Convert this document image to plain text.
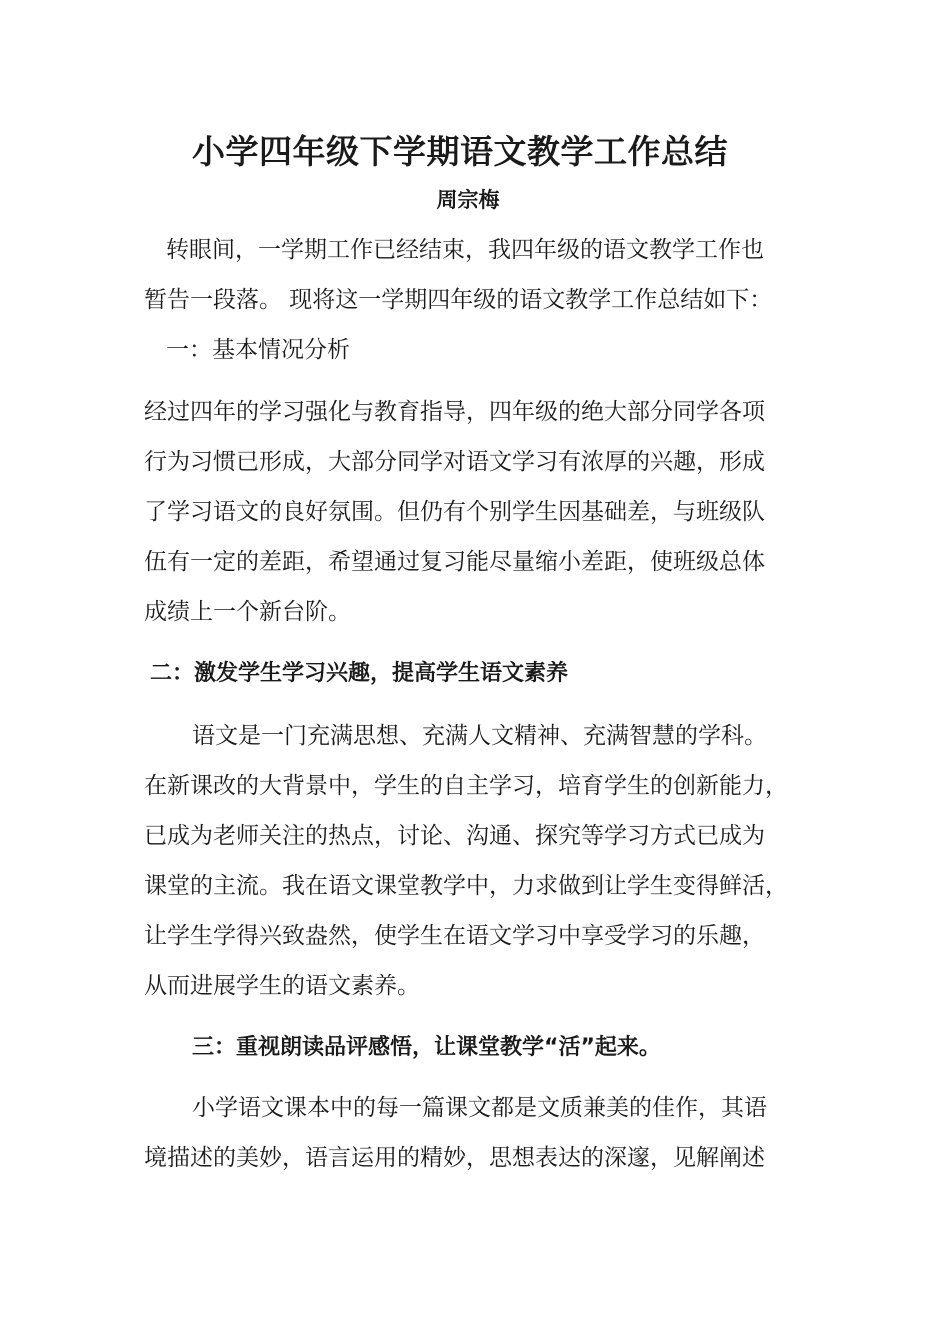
小学四年级下学期语文教学工作总结
周宗梅
转眼间，一学期工作已经结束，我四年级的语文教学工作也
暂告一段落。 现将这一学期四年级的语文教学工作总结如下：
一：基本情况分析
经过四年的学习强化与教育指导，四年级的绝大部分同学各项
行为习惯已形成，大部分同学对语文学习有浓厚的兴趣，形成
了学习语文的良好氛围。但仍有个别学生因基础差，与班级队
伍有一定的差距，希望通过复习能尽量缩小差距，使班级总体
成绩上一个新台阶。
二：激发学生学习兴趣，提高学生语文素养
语文是一门充满思想、充满人文精神、充满智慧的学科。
在新课改的大背景中，学生的自主学习，培育学生的创新能力，
已成为老师关注的热点，讨论、沟通、探究等学习方式已成为
课堂的主流。我在语文课堂教学中，力求做到让学生变得鲜活，
让学生学得兴致盎然，使学生在语文学习中享受学习的乐趣，
从而进展学生的语文素养。
三：重视朗读品评感悟，让课堂教学“活”起来。
小学语文课本中的每一篇课文都是文质兼美的佳作，其语
境描述的美妙，语言运用的精妙，思想表达的深邃，见解阐述
